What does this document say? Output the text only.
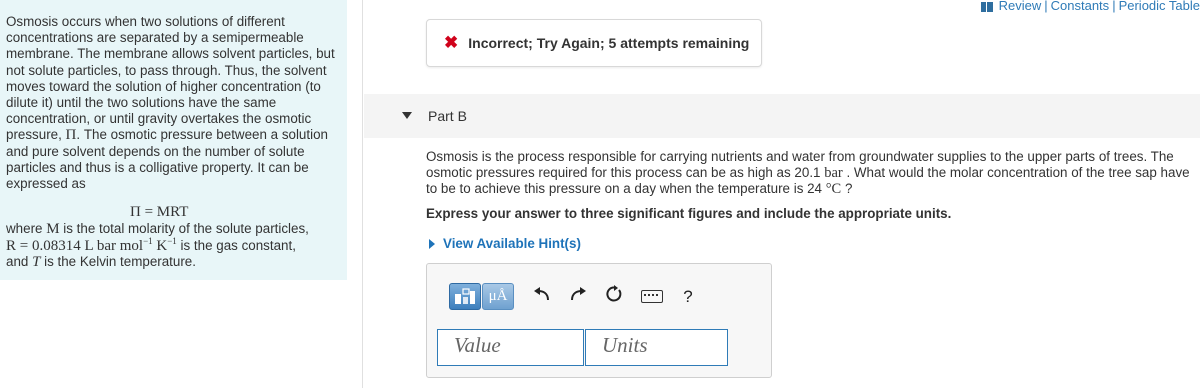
Osmosis occurs when two solutions of different concentrations are separated by a semipermeable membrane. The membrane allows solvent particles, but not solute particles, to pass through. Thus, the solvent moves toward the solution of higher concentration (to dilute it) until the two solutions have the same concentration, or until gravity overtakes the osmotic pressure, Π. The osmotic pressure between a solution and pure solvent depends on the number of solute particles and thus is a colligative property. It can be expressed as

Π = MRT

where M is the total molarity of the solute particles,
R = 0.08314 L bar mol$^{-1}$ $K^{-1}$ is the gas constant,
and T is the Kelvin temperature.

Review | Constants | Periodic Table
✖ Incorrect; Try Again; 5 attempts remaining
Part B
Osmosis is the process responsible for carrying nutrients and water from groundwater supplies to the upper parts of trees. The osmotic pressures required for this process can be as high as 20.1 bar . What would the molar concentration of the tree sap have to be to achieve this pressure on a day when the temperature is 24 °C ?
Express your answer to three significant figures and include the appropriate units.
View Available Hint(s)
μÅ	?
Value	Units
